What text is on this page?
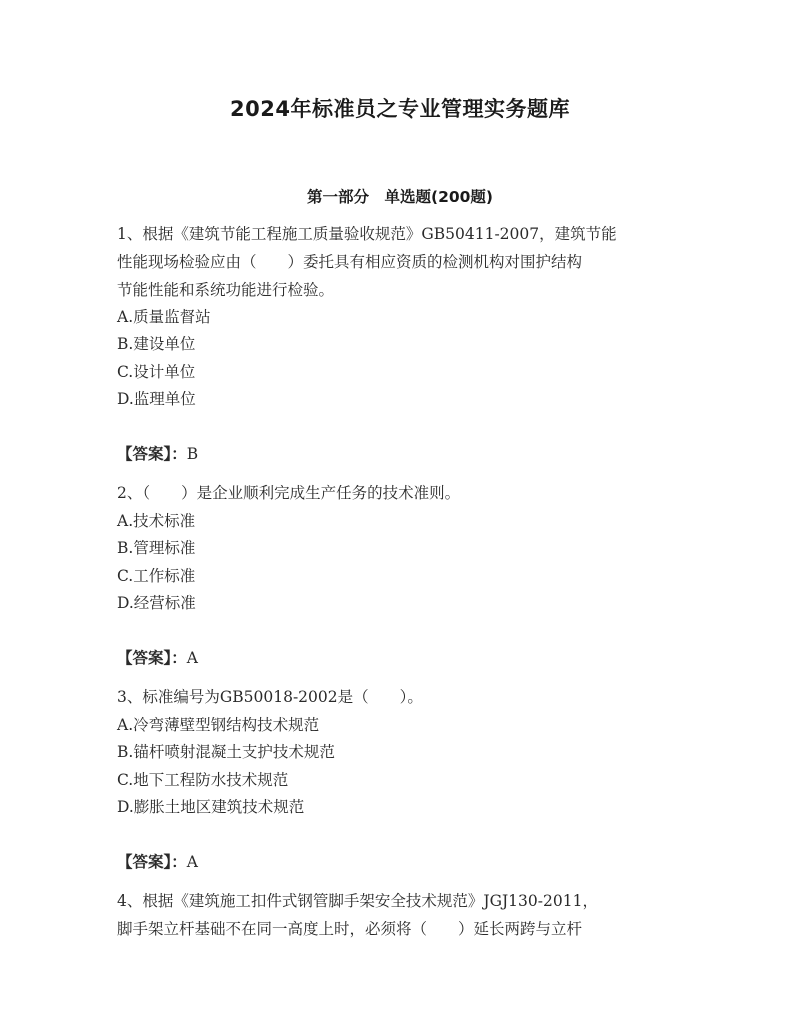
2024年标准员之专业管理实务题库
第一部分　单选题(200题)
1、根据《建筑节能工程施工质量验收规范》GB50411-2007，建筑节能
性能现场检验应由（　　）委托具有相应资质的检测机构对围护结构
节能性能和系统功能进行检验。
A.质量监督站
B.建设单位
C.设计单位
D.监理单位
【答案】：B
2、（　　）是企业顺利完成生产任务的技术准则。
A.技术标准
B.管理标准
C.工作标准
D.经营标准
【答案】：A
3、标准编号为GB50018-2002是（　　）。
A.冷弯薄壁型钢结构技术规范
B.锚杆喷射混凝土支护技术规范
C.地下工程防水技术规范
D.膨胀土地区建筑技术规范
【答案】：A
4、根据《建筑施工扣件式钢管脚手架安全技术规范》JGJ130-2011，
脚手架立杆基础不在同一高度上时，必须将（　　）延长两跨与立杆
